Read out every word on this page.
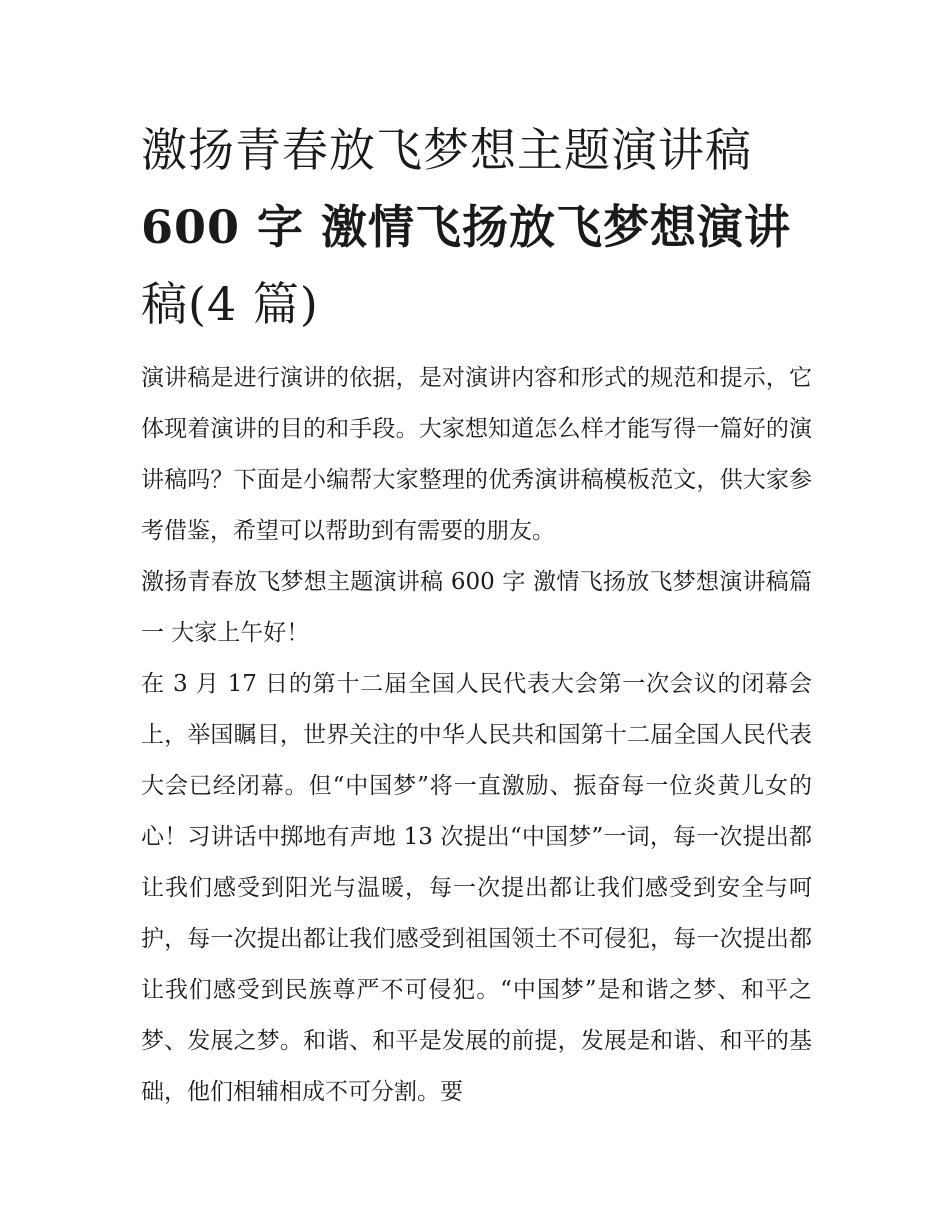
激扬青春放飞梦想主题演讲稿
600 字 激情飞扬放飞梦想演讲
稿(4 篇)

演讲稿是进行演讲的依据，是对演讲内容和形式的规范和提示，它体现着演讲的目的和手段。大家想知道怎么样才能写得一篇好的演讲稿吗？下面是小编帮大家整理的优秀演讲稿模板范文，供大家参考借鉴，希望可以帮助到有需要的朋友。

激扬青春放飞梦想主题演讲稿 600 字 激情飞扬放飞梦想演讲稿篇一 大家上午好！

在 3 月 17 日的第十二届全国人民代表大会第一次会议的闭幕会上，举国瞩目，世界关注的中华人民共和国第十二届全国人民代表大会已经闭幕。但“中国梦”将一直激励、振奋每一位炎黄儿女的心！习讲话中掷地有声地 13 次提出“中国梦”一词，每一次提出都让我们感受到阳光与温暖，每一次提出都让我们感受到安全与呵护，每一次提出都让我们感受到祖国领土不可侵犯，每一次提出都让我们感受到民族尊严不可侵犯。“中国梦”是和谐之梦、和平之梦、发展之梦。和谐、和平是发展的前提，发展是和谐、和平的基础，他们相辅相成不可分割。要
